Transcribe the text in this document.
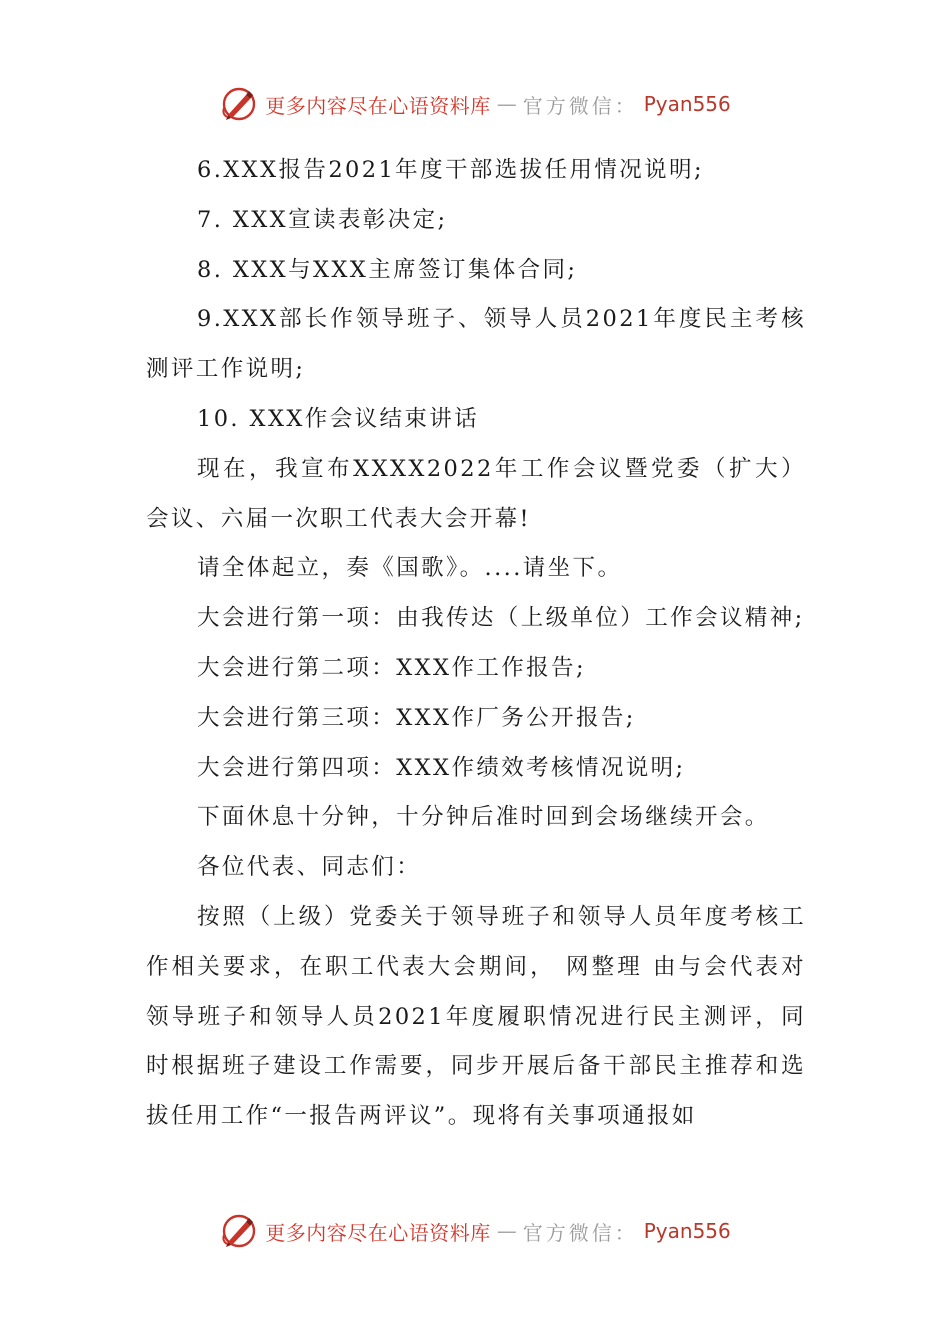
更多内容尽在心语资料库 — 官方微信： Pyan556

6.XXX报告2021年度干部选拔任用情况说明;

7. XXX宣读表彰决定;

8. XXX与XXX主席签订集体合同;

9.XXX部长作领导班子、领导人员2021年度民主考核测评工作说明;

10. XXX作会议结束讲话

现在，我宣布XXXX2022年工作会议暨党委（扩大）会议、六届一次职工代表大会开幕!

请全体起立，奏《国歌》。....请坐下。

大会进行第一项：由我传达（上级单位）工作会议精神;

大会进行第二项：XXX作工作报告;

大会进行第三项：XXX作厂务公开报告;

大会进行第四项：XXX作绩效考核情况说明;

下面休息十分钟，十分钟后准时回到会场继续开会。

各位代表、同志们：

按照（上级）党委关于领导班子和领导人员年度考核工作相关要求，在职工代表大会期间， 网整理 由与会代表对领导班子和领导人员2021年度履职情况进行民主测评，同时根据班子建设工作需要，同步开展后备干部民主推荐和选拔任用工作“一报告两评议”。现将有关事项通报如

更多内容尽在心语资料库 — 官方微信： Pyan556
